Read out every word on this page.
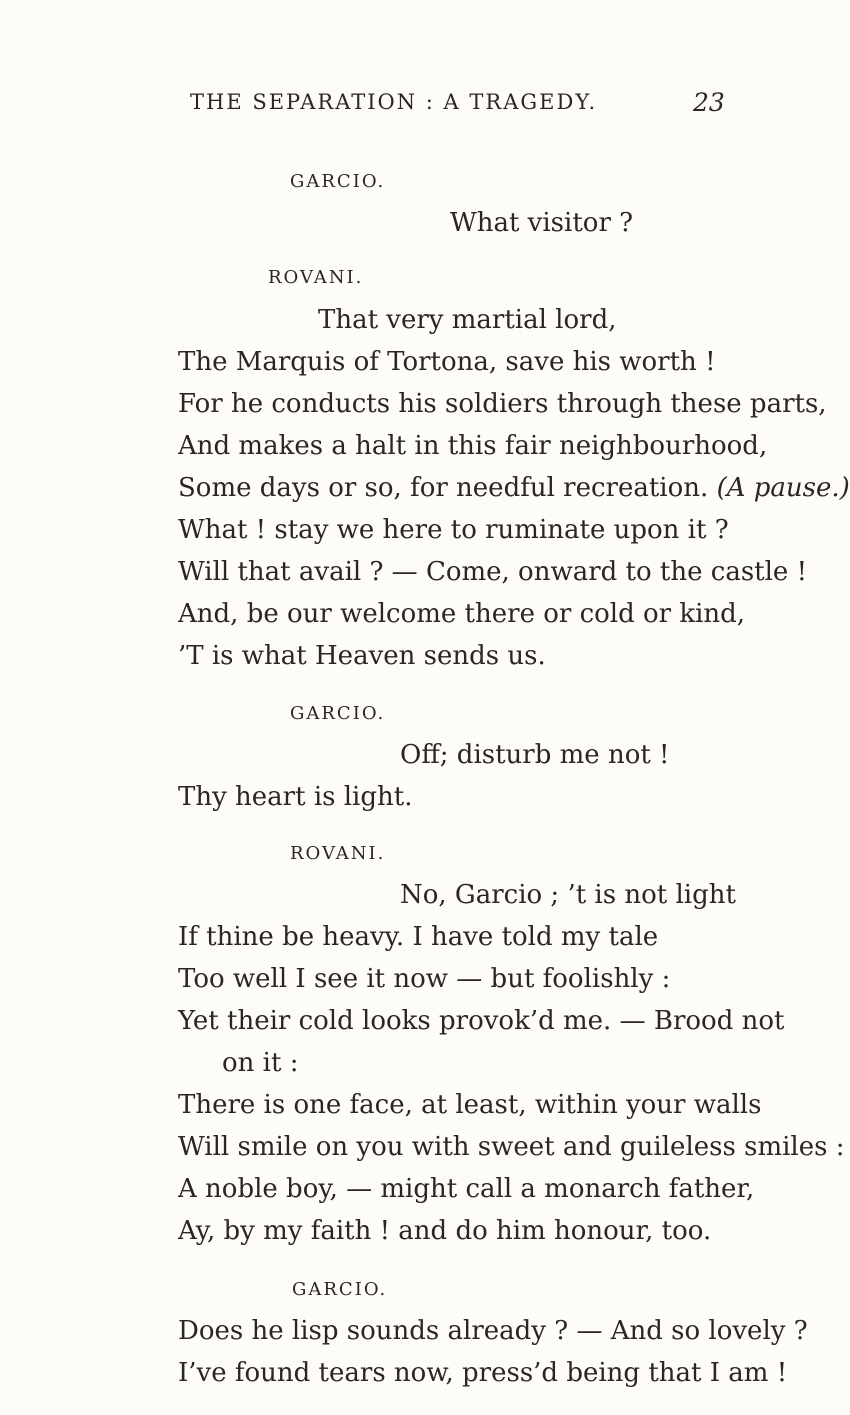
THE SEPARATION : A TRAGEDY.	23
GARCIO.
What visitor ?
ROVANI.
That very martial lord,
The Marquis of Tortona, save his worth !
For he conducts his soldiers through these parts,
And makes a halt in this fair neighbourhood,
Some days or so, for needful recreation. (A pause.)
What ! stay we here to ruminate upon it ?
Will that avail ? — Come, onward to the castle !
And, be our welcome there or cold or kind,
’T is what Heaven sends us.
GARCIO.
Off; disturb me not !
Thy heart is light.
ROVANI.
No, Garcio ; ’t is not light
If thine be heavy. I have told my tale
Too well I see it now — but foolishly :
Yet their cold looks provok’d me. — Brood not
on it :
There is one face, at least, within your walls
Will smile on you with sweet and guileless smiles :
A noble boy, — might call a monarch father,
Ay, by my faith ! and do him honour, too.
GARCIO.
Does he lisp sounds already ? — And so lovely ?
I’ve found tears now, press’d being that I am !
